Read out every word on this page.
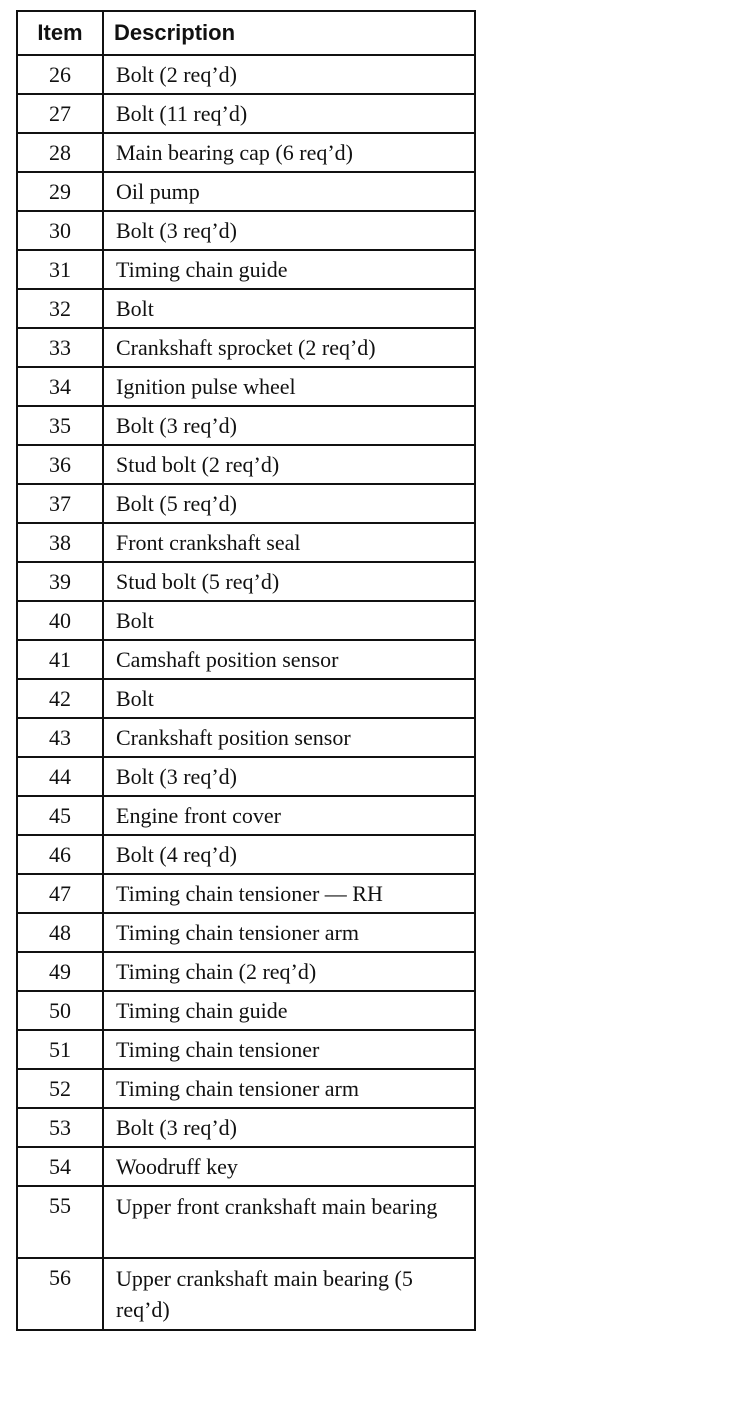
Item	Description
26	Bolt (2 req’d)
27	Bolt (11 req’d)
28	Main bearing cap (6 req’d)
29	Oil pump
30	Bolt (3 req’d)
31	Timing chain guide
32	Bolt
33	Crankshaft sprocket (2 req’d)
34	Ignition pulse wheel
35	Bolt (3 req’d)
36	Stud bolt (2 req’d)
37	Bolt (5 req’d)
38	Front crankshaft seal
39	Stud bolt (5 req’d)
40	Bolt
41	Camshaft position sensor
42	Bolt
43	Crankshaft position sensor
44	Bolt (3 req’d)
45	Engine front cover
46	Bolt (4 req’d)
47	Timing chain tensioner — RH
48	Timing chain tensioner arm
49	Timing chain (2 req’d)
50	Timing chain guide
51	Timing chain tensioner
52	Timing chain tensioner arm
53	Bolt (3 req’d)
54	Woodruff key
55	Upper front crankshaft main bearing
56	Upper crankshaft main bearing (5 req’d)
